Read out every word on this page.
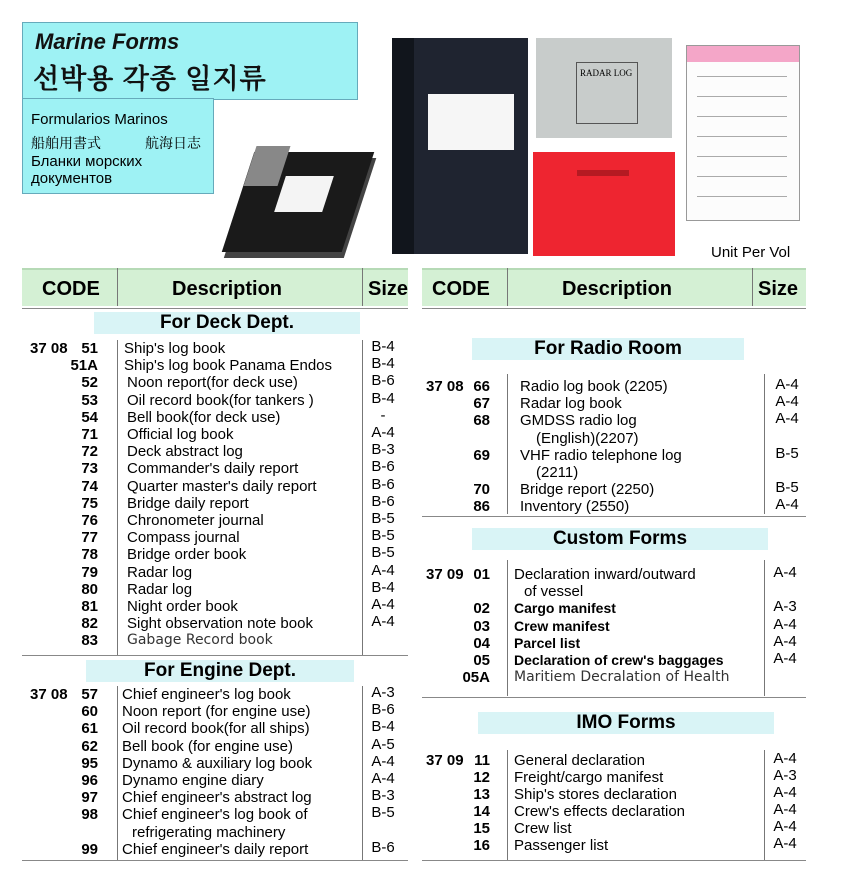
Marine Forms
선박용 각종 일지류
Formularios Marinos
船舶用書式	航海日志
Бланки морских
документов
RADAR LOG
Unit Per Vol
CODE	Description	Size CODE	Description	Size
For Deck Dept.
For Engine Dept.
For Radio Room
Custom Forms
IMO Forms
37 08 51 Ship's log book	B-4
51A Ship's log book Panama Endos	B-4
52 Noon report(for deck use)	B-6
53 Oil record book(for tankers )	B-4
54 Bell book(for deck use)	-
71 Official log book	A-4
72 Deck abstract log	B-3
73 Commander's daily report	B-6
74 Quarter master's daily report	B-6
75 Bridge daily report	B-6
76 Chronometer journal	B-5
77 Compass journal	B-5
78 Bridge order book	B-5
79 Radar log	A-4
80 Radar log	B-4
81 Night order book	A-4
82 Sight observation note book	A-4
83 Gabage Record book
37 08 57 Chief engineer's log book	A-3
60 Noon report (for engine use)	B-6
61 Oil record book(for all ships)	B-4
62 Bell book (for engine use)	A-5
95 Dynamo & auxiliary log book	A-4
96 Dynamo engine diary	A-4
97 Chief engineer's abstract log	B-3
98 Chief engineer's log book of	B-5
refrigerating machinery
99 Chief engineer's daily report	B-6
37 08 66 Radio log book (2205)	A-4
67 Radar log book	A-4
68 GMDSS radio log	A-4
(English)(2207)
69 VHF radio telephone log	B-5
(2211)
70 Bridge report (2250)	B-5
86 Inventory (2550)	A-4
37 09 01 Declaration inward/outward	A-4
of vessel
02 Cargo manifest	A-3
03 Crew manifest	A-4
04 Parcel list	A-4
05 Declaration of crew's baggages	A-4
05A Maritiem Decralation of Health
37 09 11 General declaration	A-4
12 Freight/cargo manifest	A-3
13 Ship's stores declaration	A-4
14 Crew's effects declaration	A-4
15 Crew list	A-4
16 Passenger list	A-4
